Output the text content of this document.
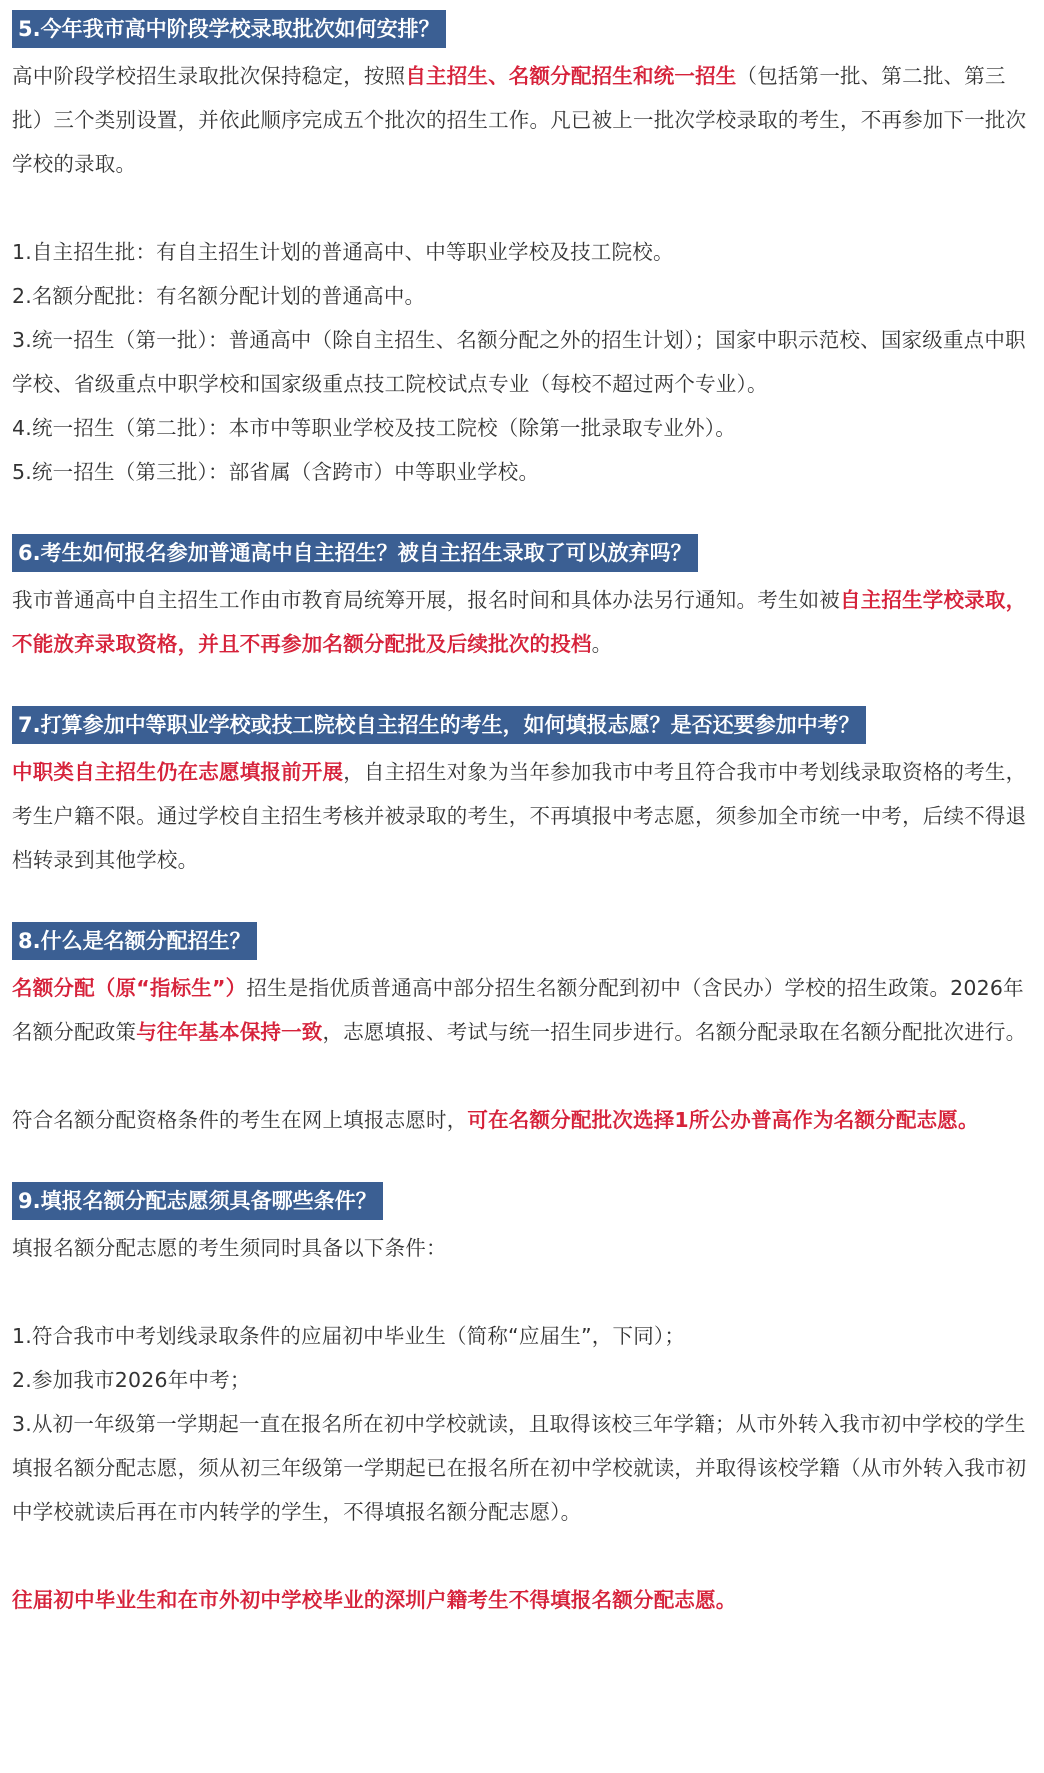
5.今年我市高中阶段学校录取批次如何安排？

高中阶段学校招生录取批次保持稳定，按照自主招生、名额分配招生和统一招生（包括第一批、第二批、第三批）三个类别设置，并依此顺序完成五个批次的招生工作。凡已被上一批次学校录取的考生，不再参加下一批次学校的录取。

1.自主招生批：有自主招生计划的普通高中、中等职业学校及技工院校。

2.名额分配批：有名额分配计划的普通高中。

3.统一招生（第一批）：普通高中（除自主招生、名额分配之外的招生计划）；国家中职示范校、国家级重点中职学校、省级重点中职学校和国家级重点技工院校试点专业（每校不超过两个专业）。

4.统一招生（第二批）：本市中等职业学校及技工院校（除第一批录取专业外）。

5.统一招生（第三批）：部省属（含跨市）中等职业学校。

6.考生如何报名参加普通高中自主招生？被自主招生录取了可以放弃吗？

我市普通高中自主招生工作由市教育局统筹开展，报名时间和具体办法另行通知。考生如被自主招生学校录取，不能放弃录取资格，并且不再参加名额分配批及后续批次的投档。

7.打算参加中等职业学校或技工院校自主招生的考生，如何填报志愿？是否还要参加中考？

中职类自主招生仍在志愿填报前开展，自主招生对象为当年参加我市中考且符合我市中考划线录取资格的考生，考生户籍不限。通过学校自主招生考核并被录取的考生，不再填报中考志愿，须参加全市统一中考，后续不得退档转录到其他学校。

8.什么是名额分配招生？

名额分配（原“指标生”）招生是指优质普通高中部分招生名额分配到初中（含民办）学校的招生政策。2026年名额分配政策与往年基本保持一致，志愿填报、考试与统一招生同步进行。名额分配录取在名额分配批次进行。

符合名额分配资格条件的考生在网上填报志愿时，可在名额分配批次选择1所公办普高作为名额分配志愿。

9.填报名额分配志愿须具备哪些条件？

填报名额分配志愿的考生须同时具备以下条件：

1.符合我市中考划线录取条件的应届初中毕业生（简称“应届生”，下同）；

2.参加我市2026年中考；

3.从初一年级第一学期起一直在报名所在初中学校就读，且取得该校三年学籍；从市外转入我市初中学校的学生填报名额分配志愿，须从初三年级第一学期起已在报名所在初中学校就读，并取得该校学籍（从市外转入我市初中学校就读后再在市内转学的学生，不得填报名额分配志愿）。

往届初中毕业生和在市外初中学校毕业的深圳户籍考生不得填报名额分配志愿。
